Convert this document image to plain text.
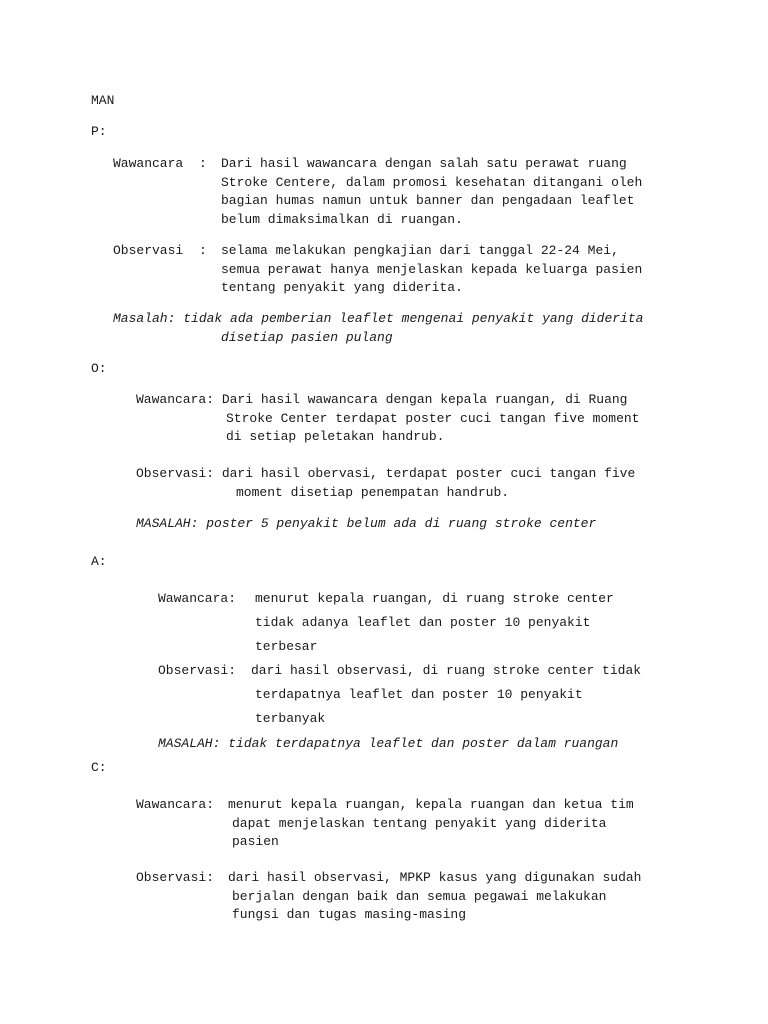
MAN
P:
Wawancara : Dari hasil wawancara dengan salah satu perawat ruang
Stroke Centere, dalam promosi kesehatan ditangani oleh
bagian humas namun untuk banner dan pengadaan leaflet
belum dimaksimalkan di ruangan.
Observasi : selama melakukan pengkajian dari tanggal 22-24 Mei,
semua perawat hanya menjelaskan kepada keluarga pasien
tentang penyakit yang diderita.
Masalah: tidak ada pemberian leaflet mengenai penyakit yang diderita
disetiap pasien pulang
O:
Wawancara: Dari hasil wawancara dengan kepala ruangan, di Ruang
Stroke Center terdapat poster cuci tangan five moment
di setiap peletakan handrub.
Observasi: dari hasil obervasi, terdapat poster cuci tangan five
moment disetiap penempatan handrub.
MASALAH: poster 5 penyakit belum ada di ruang stroke center
A:
Wawancara: menurut kepala ruangan, di ruang stroke center
tidak adanya leaflet dan poster 10 penyakit
terbesar
Observasi: dari hasil observasi, di ruang stroke center tidak
terdapatnya leaflet dan poster 10 penyakit
terbanyak
MASALAH: tidak terdapatnya leaflet dan poster dalam ruangan
C:
Wawancara: menurut kepala ruangan, kepala ruangan dan ketua tim
dapat menjelaskan tentang penyakit yang diderita
pasien
Observasi: dari hasil observasi, MPKP kasus yang digunakan sudah
berjalan dengan baik dan semua pegawai melakukan
fungsi dan tugas masing-masing
